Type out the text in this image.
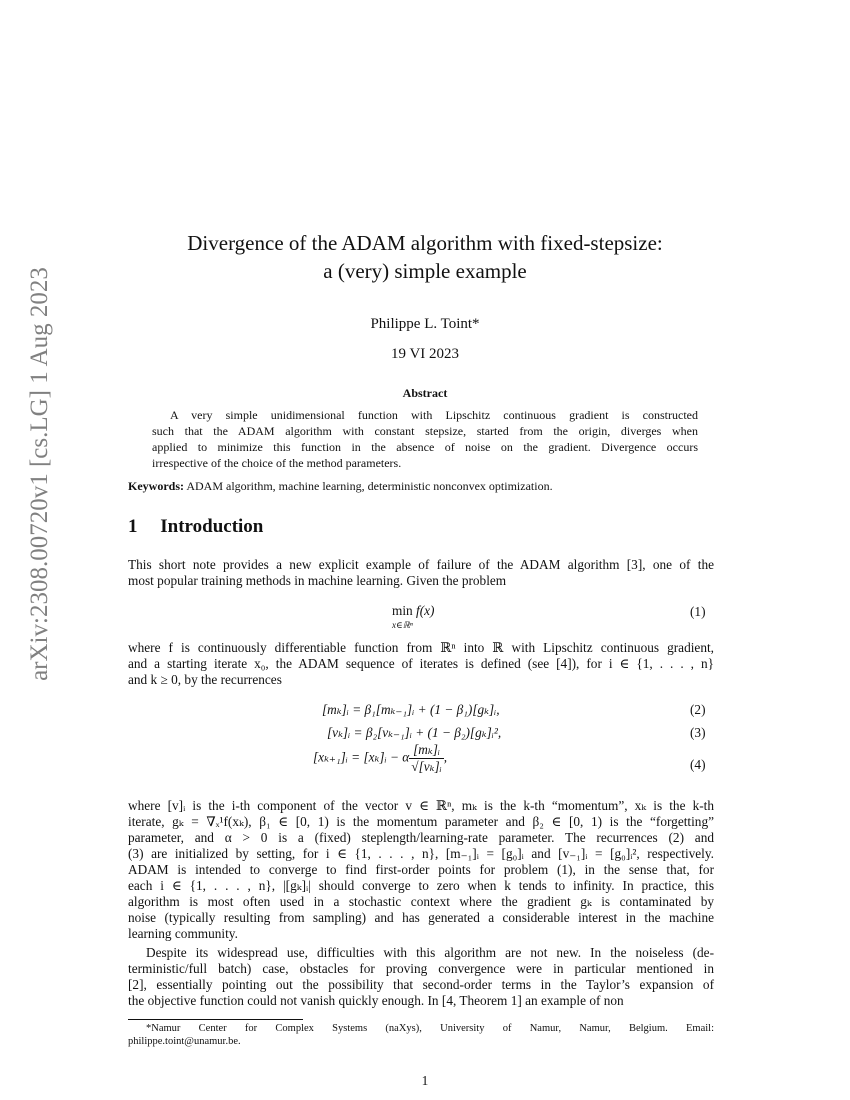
arXiv:2308.00720v1 [cs.LG] 1 Aug 2023
Divergence of the ADAM algorithm with fixed-stepsize:
a (very) simple example
Philippe L. Toint*
19 VI 2023
Abstract
A very simple unidimensional function with Lipschitz continuous gradient is constructed
such that the ADAM algorithm with constant stepsize, started from the origin, diverges when
applied to minimize this function in the absence of noise on the gradient. Divergence occurs
irrespective of the choice of the method parameters.
Keywords: ADAM algorithm, machine learning, deterministic nonconvex optimization.
1 Introduction
This short note provides a new explicit example of failure of the ADAM algorithm [3], one of the
most popular training methods in machine learning. Given the problem
where f is continuously differentiable function from ℝⁿ into ℝ with Lipschitz continuous gradient,
and a starting iterate x₀, the ADAM sequence of iterates is defined (see [4]), for i ∈ {1, . . . , n}
and k ≥ 0, by the recurrences
where [v]ᵢ is the i-th component of the vector v ∈ ℝⁿ, mₖ is the k-th “momentum”, xₖ is the k-th
iterate, gₖ = ∇ₓ¹f(xₖ), β₁ ∈ [0, 1) is the momentum parameter and β₂ ∈ [0, 1) is the “forgetting”
parameter, and α > 0 is a (fixed) steplength/learning-rate parameter. The recurrences (2) and
(3) are initialized by setting, for i ∈ {1, . . . , n}, [m₋₁]ᵢ = [g₀]ᵢ and [v₋₁]ᵢ = [g₀]ᵢ², respectively.
ADAM is intended to converge to find first-order points for problem (1), in the sense that, for
each i ∈ {1, . . . , n}, |[gₖ]ᵢ| should converge to zero when k tends to infinity. In practice, this
algorithm is most often used in a stochastic context where the gradient gₖ is contaminated by
noise (typically resulting from sampling) and has generated a considerable interest in the machine
learning community.
Despite its widespread use, difficulties with this algorithm are not new. In the noiseless (de-
terministic/full batch) case, obstacles for proving convergence were in particular mentioned in
[2], essentially pointing out the possibility that second-order terms in the Taylor’s expansion of
the objective function could not vanish quickly enough. In [4, Theorem 1] an example of non
min
$^{x\in ℝ^n}$ f(x)	(1)
[mₖ]ᵢ = β₁[mₖ₋₁]ᵢ + (1 − β₁)[gₖ]ᵢ,	(2)
[vₖ]ᵢ = β₂[vₖ₋₁]ᵢ + (1 − β₂)[gₖ]ᵢ²,	(3)
[xₖ₊₁]ᵢ = [xₖ]ᵢ − α $\frac{\text{[mₖ]ᵢ}}{\text{√[vₖ]ᵢ}}$ ,	(4)
*Namur Center for Complex Systems (naXys), University of Namur, Namur, Belgium. Email:
philippe.toint@unamur.be.
1
